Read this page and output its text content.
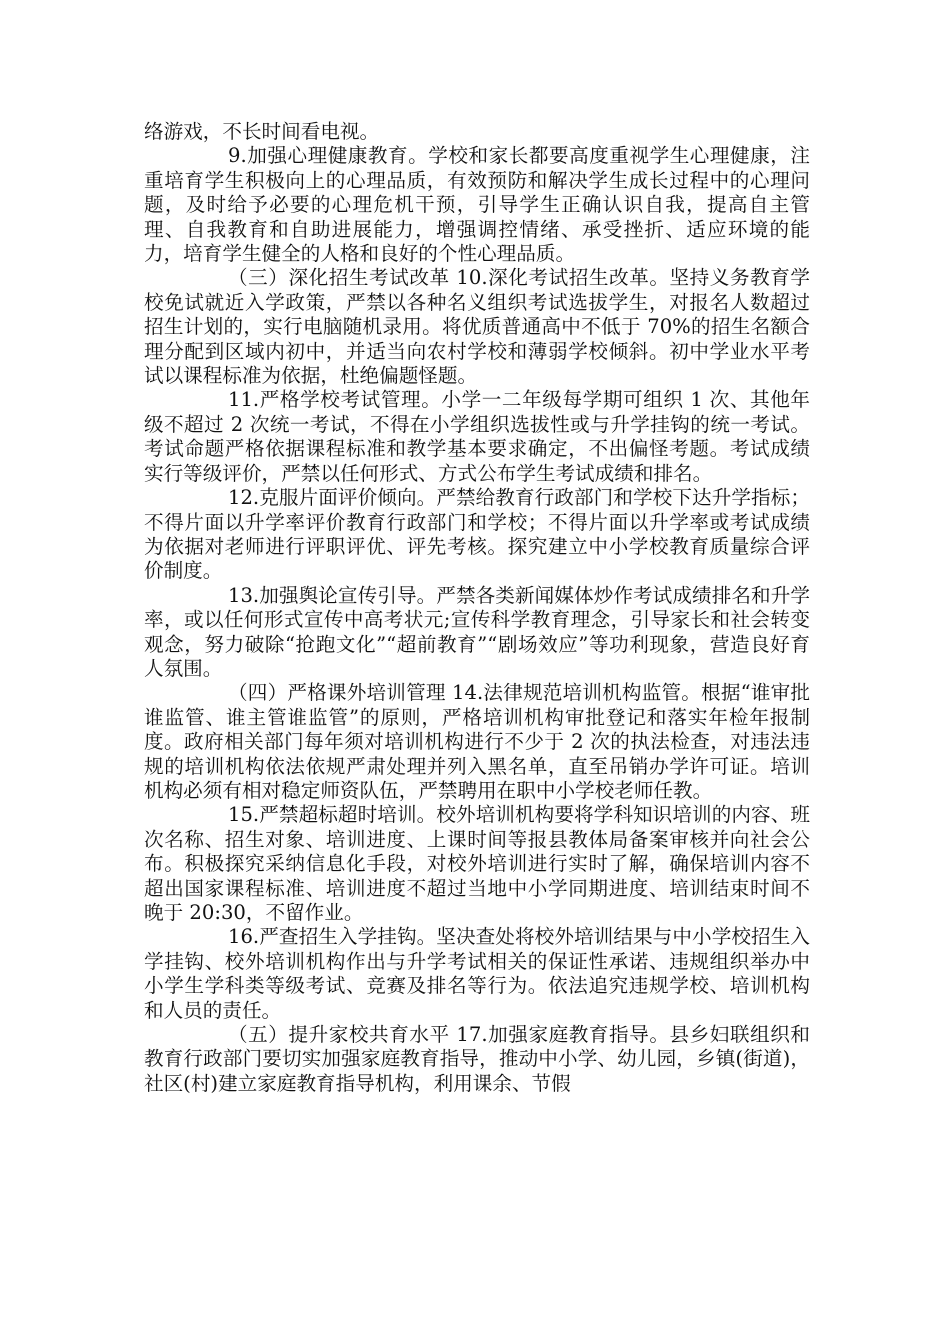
络游戏，不长时间看电视。

9.加强心理健康教育。学校和家长都要高度重视学生心理健康，注重培育学生积极向上的心理品质，有效预防和解决学生成长过程中的心理问题，及时给予必要的心理危机干预，引导学生正确认识自我，提高自主管理、自我教育和自助进展能力，增强调控情绪、承受挫折、适应环境的能力，培育学生健全的人格和良好的个性心理品质。

（三）深化招生考试改革 10.深化考试招生改革。坚持义务教育学校免试就近入学政策，严禁以各种名义组织考试选拔学生，对报名人数超过招生计划的，实行电脑随机录用。将优质普通高中不低于 70%的招生名额合理分配到区域内初中，并适当向农村学校和薄弱学校倾斜。初中学业水平考试以课程标准为依据，杜绝偏题怪题。

11.严格学校考试管理。小学一二年级每学期可组织 1 次、其他年级不超过 2 次统一考试，不得在小学组织选拔性或与升学挂钩的统一考试。考试命题严格依据课程标准和教学基本要求确定，不出偏怪考题。考试成绩实行等级评价，严禁以任何形式、方式公布学生考试成绩和排名。

12.克服片面评价倾向。严禁给教育行政部门和学校下达升学指标；不得片面以升学率评价教育行政部门和学校；不得片面以升学率或考试成绩为依据对老师进行评职评优、评先考核。探究建立中小学校教育质量综合评价制度。

13.加强舆论宣传引导。严禁各类新闻媒体炒作考试成绩排名和升学率，或以任何形式宣传中高考状元;宣传科学教育理念，引导家长和社会转变观念，努力破除“抢跑文化”“超前教育”“剧场效应”等功利现象，营造良好育人氛围。

（四）严格课外培训管理 14.法律规范培训机构监管。根据“谁审批谁监管、谁主管谁监管”的原则，严格培训机构审批登记和落实年检年报制度。政府相关部门每年须对培训机构进行不少于 2 次的执法检查，对违法违规的培训机构依法依规严肃处理并列入黑名单，直至吊销办学许可证。培训机构必须有相对稳定师资队伍，严禁聘用在职中小学校老师任教。

15.严禁超标超时培训。校外培训机构要将学科知识培训的内容、班次名称、招生对象、培训进度、上课时间等报县教体局备案审核并向社会公布。积极探究采纳信息化手段，对校外培训进行实时了解，确保培训内容不超出国家课程标准、培训进度不超过当地中小学同期进度、培训结束时间不晚于 20:30，不留作业。

16.严查招生入学挂钩。坚决查处将校外培训结果与中小学校招生入学挂钩、校外培训机构作出与升学考试相关的保证性承诺、违规组织举办中小学生学科类等级考试、竞赛及排名等行为。依法追究违规学校、培训机构和人员的责任。

（五）提升家校共育水平 17.加强家庭教育指导。县乡妇联组织和教育行政部门要切实加强家庭教育指导，推动中小学、幼儿园，乡镇(街道)，社区(村)建立家庭教育指导机构，利用课余、节假
